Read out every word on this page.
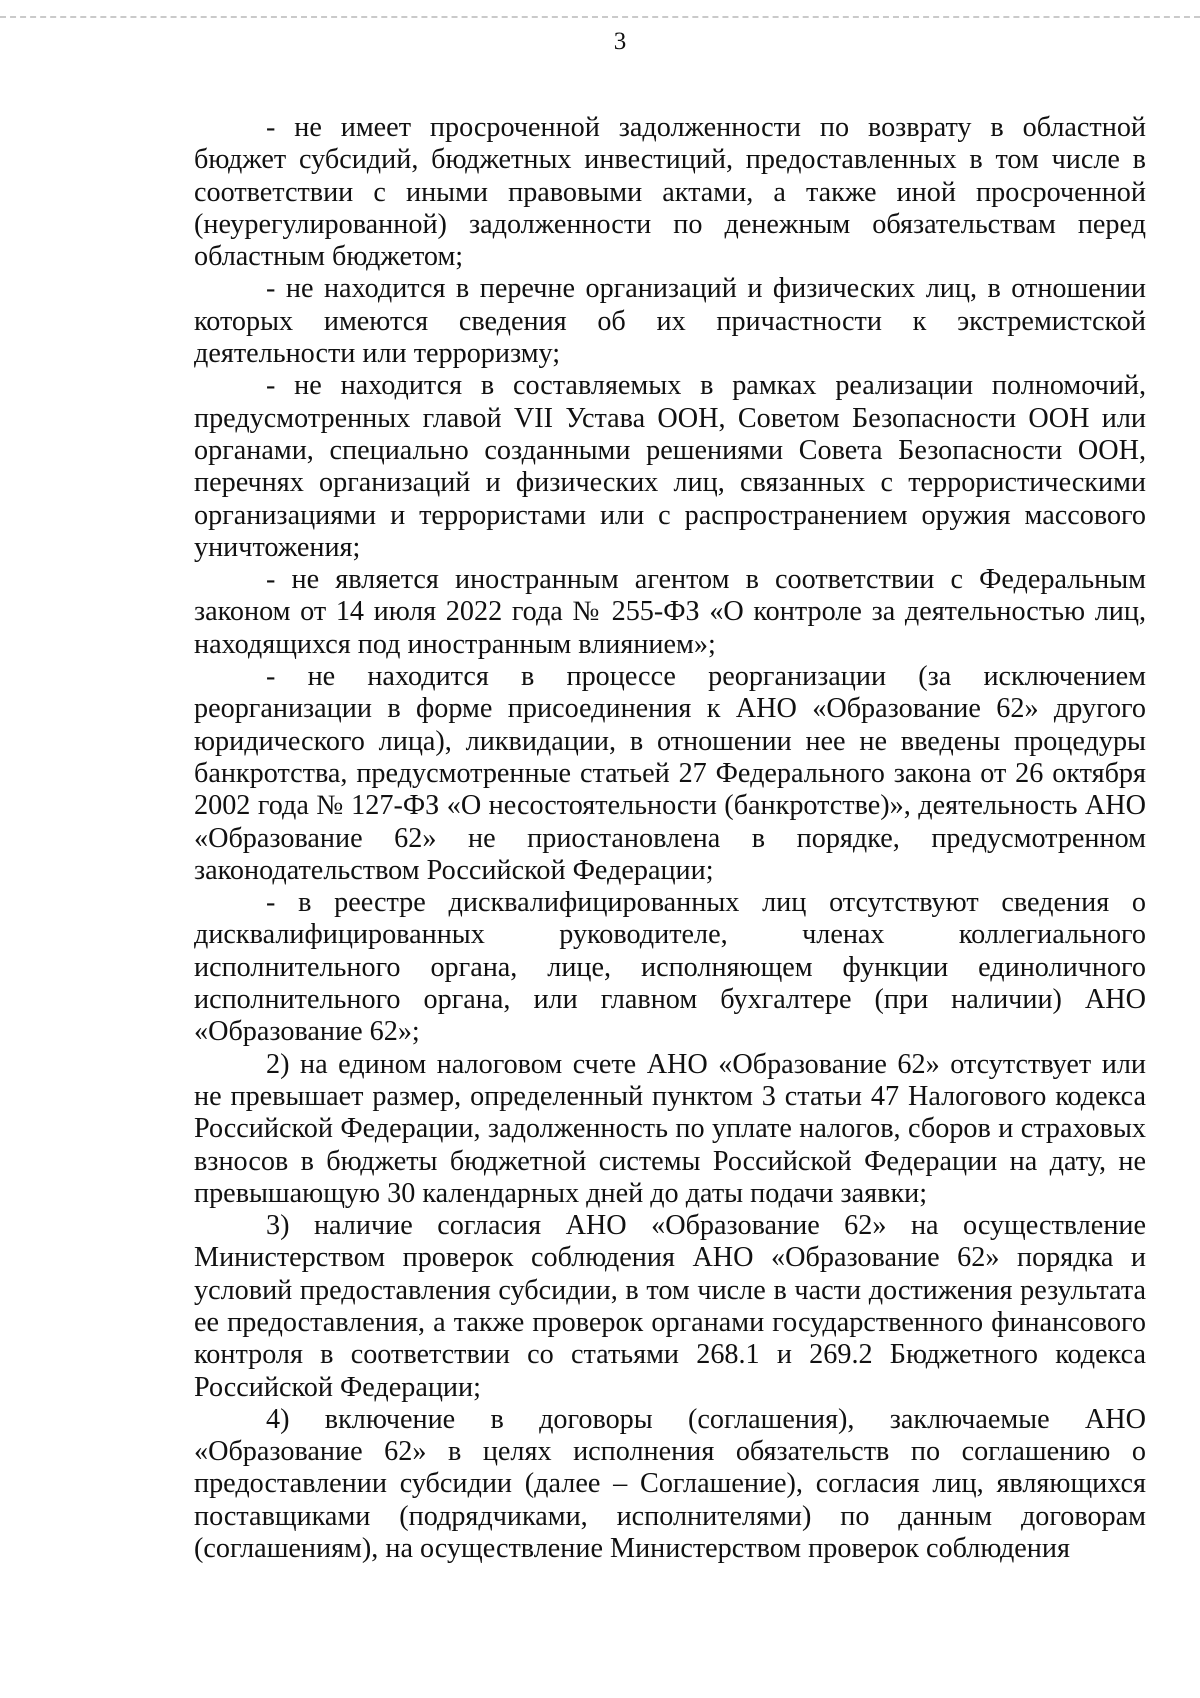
3

- не имеет просроченной задолженности по возврату в областной бюджет субсидий, бюджетных инвестиций, предоставленных в том числе в соответствии с иными правовыми актами, а также иной просроченной (неурегулированной) задолженности по денежным обязательствам перед областным бюджетом;

- не находится в перечне организаций и физических лиц, в отношении которых имеются сведения об их причастности к экстремистской деятельности или терроризму;

- не находится в составляемых в рамках реализации полномочий, предусмотренных главой VII Устава ООН, Советом Безопасности ООН или органами, специально созданными решениями Совета Безопасности ООН, перечнях организаций и физических лиц, связанных с террористическими организациями и террористами или с распространением оружия массового уничтожения;

- не является иностранным агентом в соответствии с Федеральным законом от 14 июля 2022 года № 255-ФЗ «О контроле за деятельностью лиц, находящихся под иностранным влиянием»;

- не находится в процессе реорганизации (за исключением реорганизации в форме присоединения к АНО «Образование 62» другого юридического лица), ликвидации, в отношении нее не введены процедуры банкротства, предусмотренные статьей 27 Федерального закона от 26 октября 2002 года № 127-ФЗ «О несостоятельности (банкротстве)», деятельность АНО «Образование 62» не приостановлена в порядке, предусмотренном законодательством Российской Федерации;

- в реестре дисквалифицированных лиц отсутствуют сведения о дисквалифицированных руководителе, членах коллегиального исполнительного органа, лице, исполняющем функции единоличного исполнительного органа, или главном бухгалтере (при наличии) АНО «Образование 62»;

2) на едином налоговом счете АНО «Образование 62» отсутствует или не превышает размер, определенный пунктом 3 статьи 47 Налогового кодекса Российской Федерации, задолженность по уплате налогов, сборов и страховых взносов в бюджеты бюджетной системы Российской Федерации на дату, не превышающую 30 календарных дней до даты подачи заявки;

3) наличие согласия АНО «Образование 62» на осуществление Министерством проверок соблюдения АНО «Образование 62» порядка и условий предоставления субсидии, в том числе в части достижения результата ее предоставления, а также проверок органами государственного финансового контроля в соответствии со статьями 268.1 и 269.2 Бюджетного кодекса Российской Федерации;

4) включение в договоры (соглашения), заключаемые АНО «Образование 62» в целях исполнения обязательств по соглашению о предоставлении субсидии (далее – Соглашение), согласия лиц, являющихся поставщиками (подрядчиками, исполнителями) по данным договорам (соглашениям), на осуществление Министерством проверок соблюдения
